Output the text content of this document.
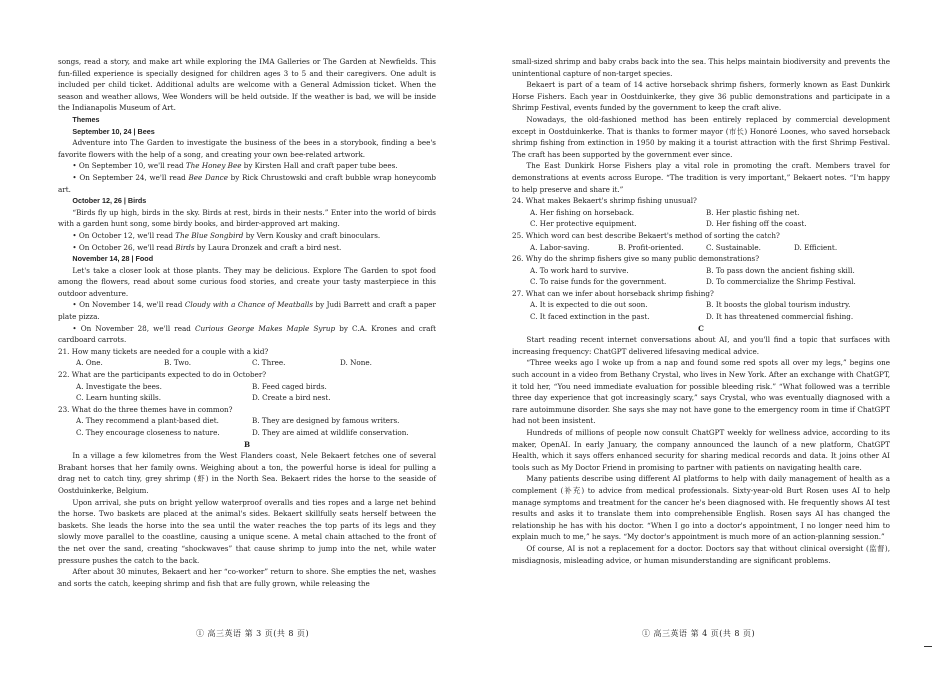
songs, read a story, and make art while exploring the IMA Galleries or The Garden at Newfields. This fun-filled experience is specially designed for children ages 3 to 5 and their caregivers. One adult is included per child ticket. Additional adults are welcome with a General Admission ticket. When the season and weather allows, Wee Wonders will be held outside. If the weather is bad, we will be inside the Indianapolis Museum of Art.

Themes

September 10, 24 | Bees

Adventure into The Garden to investigate the business of the bees in a storybook, finding a bee's favorite flowers with the help of a song, and creating your own bee-related artwork.

• On September 10, we'll read The Honey Bee by Kirsten Hall and craft paper tube bees.

• On September 24, we'll read Bee Dance by Rick Chrustowski and craft bubble wrap honeycomb art.

October 12, 26 | Birds

“Birds fly up high, birds in the sky. Birds at rest, birds in their nests.” Enter into the world of birds with a garden hunt song, some birdy books, and birder-approved art making.

• On October 12, we'll read The Blue Songbird by Vern Kousky and craft binoculars.

• On October 26, we'll read Birds by Laura Dronzek and craft a bird nest.

November 14, 28 | Food

Let's take a closer look at those plants. They may be delicious. Explore The Garden to spot food among the flowers, read about some curious food stories, and create your tasty masterpiece in this outdoor adventure.

• On November 14, we'll read Cloudy with a Chance of Meatballs by Judi Barrett and craft a paper plate pizza.

• On November 28, we'll read Curious George Makes Maple Syrup by C.A. Krones and craft cardboard carrots.

21. How many tickets are needed for a couple with a kid?

A. One.	B. Two.	C. Three.	D. None.

22. What are the participants expected to do in October?

A. Investigate the bees.	B. Feed caged birds.
C. Learn hunting skills.	D. Create a bird nest.

23. What do the three themes have in common?

A. They recommend a plant-based diet.	B. They are designed by famous writers.
C. They encourage closeness to nature.	D. They are aimed at wildlife conservation.

B

In a village a few kilometres from the West Flanders coast, Nele Bekaert fetches one of several Brabant horses that her family owns. Weighing about a ton, the powerful horse is ideal for pulling a drag net to catch tiny, grey shrimp (虾) in the North Sea. Bekaert rides the horse to the seaside of Oostduinkerke, Belgium.

Upon arrival, she puts on bright yellow waterproof overalls and ties ropes and a large net behind the horse. Two baskets are placed at the animal's sides. Bekaert skillfully seats herself between the baskets. She leads the horse into the sea until the water reaches the top parts of its legs and they slowly move parallel to the coastline, causing a unique scene. A metal chain attached to the front of the net over the sand, creating “shockwaves” that cause shrimp to jump into the net, while water pressure pushes the catch to the back.

After about 30 minutes, Bekaert and her “co-worker” return to shore. She empties the net, washes and sorts the catch, keeping shrimp and fish that are fully grown, while releasing the

small-sized shrimp and baby crabs back into the sea. This helps maintain biodiversity and prevents the unintentional capture of non-target species.

Bekaert is part of a team of 14 active horseback shrimp fishers, formerly known as East Dunkirk Horse Fishers. Each year in Oostduinkerke, they give 36 public demonstrations and participate in a Shrimp Festival, events funded by the government to keep the craft alive.

Nowadays, the old-fashioned method has been entirely replaced by commercial development except in Oostduinkerke. That is thanks to former mayor (市长) Honoré Loones, who saved horseback shrimp fishing from extinction in 1950 by making it a tourist attraction with the first Shrimp Festival. The craft has been supported by the government ever since.

The East Dunkirk Horse Fishers play a vital role in promoting the craft. Members travel for demonstrations at events across Europe. “The tradition is very important,” Bekaert notes. “I'm happy to help preserve and share it.”

24. What makes Bekaert's shrimp fishing unusual?

A. Her fishing on horseback.	B. Her plastic fishing net.
C. Her protective equipment.	D. Her fishing off the coast.

25. Which word can best describe Bekaert's method of sorting the catch?

A. Labor-saving.	B. Profit-oriented.	C. Sustainable.	D. Efficient.

26. Why do the shrimp fishers give so many public demonstrations?

A. To work hard to survive.	B. To pass down the ancient fishing skill.
C. To raise funds for the government.	D. To commercialize the Shrimp Festival.

27. What can we infer about horseback shrimp fishing?

A. It is expected to die out soon.	B. It boosts the global tourism industry.
C. It faced extinction in the past.	D. It has threatened commercial fishing.

C

Start reading recent internet conversations about AI, and you'll find a topic that surfaces with increasing frequency: ChatGPT delivered lifesaving medical advice.

“Three weeks ago I woke up from a nap and found some red spots all over my legs,” begins one such account in a video from Bethany Crystal, who lives in New York. After an exchange with ChatGPT, it told her, “You need immediate evaluation for possible bleeding risk.” “What followed was a terrible three day experience that got increasingly scary,” says Crystal, who was eventually diagnosed with a rare autoimmune disorder. She says she may not have gone to the emergency room in time if ChatGPT had not been insistent.

Hundreds of millions of people now consult ChatGPT weekly for wellness advice, according to its maker, OpenAI. In early January, the company announced the launch of a new platform, ChatGPT Health, which it says offers enhanced security for sharing medical records and data. It joins other AI tools such as My Doctor Friend in promising to partner with patients on navigating health care.

Many patients describe using different AI platforms to help with daily management of health as a complement (补充) to advice from medical professionals. Sixty-year-old Burt Rosen uses AI to help manage symptoms and treatment for the cancer he's been diagnosed with. He frequently shows AI test results and asks it to translate them into comprehensible English. Rosen says AI has changed the relationship he has with his doctor. “When I go into a doctor's appointment, I no longer need him to explain much to me,” he says. “My doctor's appointment is much more of an action-planning session.”

Of course, AI is not a replacement for a doctor. Doctors say that without clinical oversight (监督), misdiagnosis, misleading advice, or human misunderstanding are significant problems.

① 高三英语 第 3 页(共 8 页)	① 高三英语 第 4 页(共 8 页)
